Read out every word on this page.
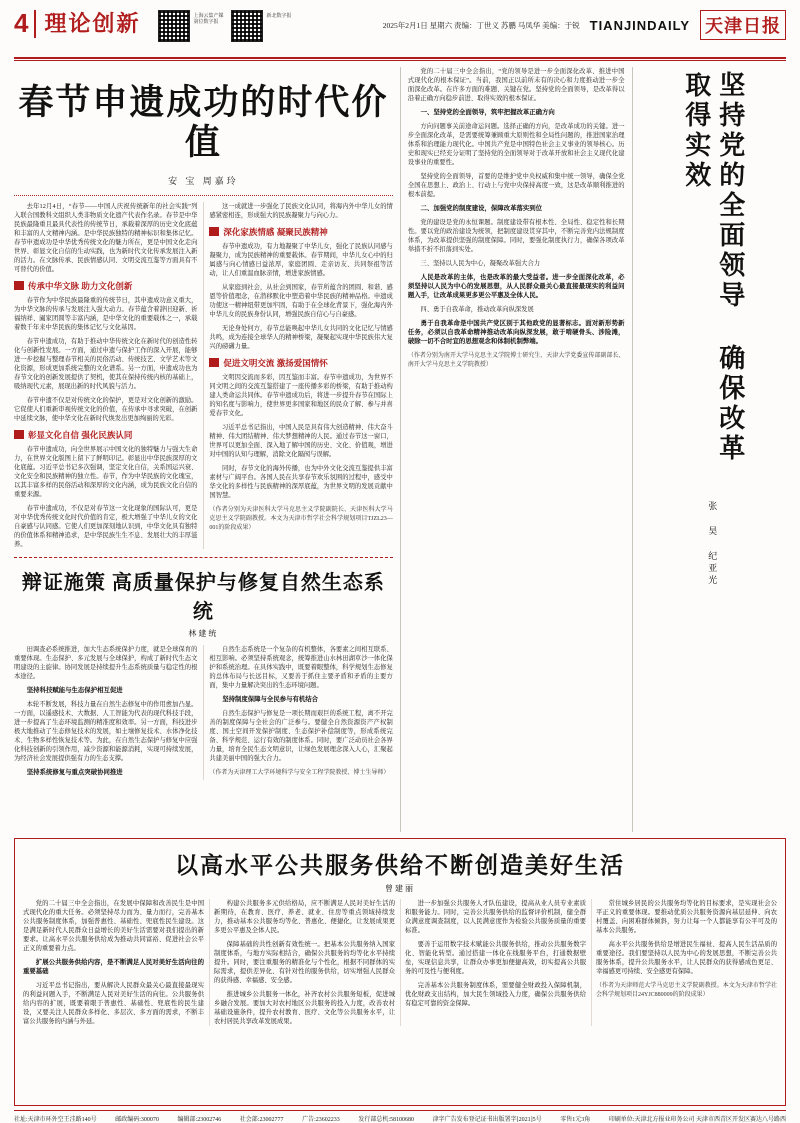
4 理论创新	上海云集产媒 第位数字报
新北数字报
2025年2月1日 星期六 责编：丁世义 苏鹏 马凤华 美编：于锐 TIANJINDAILY 天津日报
春节申遗成功的时代价值
安 宝 周嘉玲

去年12月4日，“春节——中国人庆祝传统新年的社会实践”列入联合国教科文组织人类非物质文化遗产代表作名录。春节是中华民族最隆重且最具代表性的传统节日，承载着深厚的历史文化底蕴和丰富的人文精神内涵。是中华民族独特的精神标识和集体记忆。春节申遗成功是中华优秀传统文化的魅力所在，更是中国文化走向世界、彰显文化自信的生动实践，也为新时代文化传承发展注入新的活力。在文脉传承、民族情感认同、文明交流互鉴等方面具有不可替代的价值。

传承中华文脉 助力文化创新

春节作为中华民族最隆重的传统节日，其申遗成功意义重大，为中华文脉的传承与发展注入强大动力。春节蕴含着辞旧迎新、祈福纳祥、阖家团圆等丰富内涵，是中华文化的重要载体之一，承载着数千年来中华民族的集体记忆与文化基因。

春节申遗成功，有助于推动中华传统文化在新时代的创造性转化与创新性发展。一方面，通过申遗与保护工作的深入开展，能够进一步挖掘与整理春节相关的民俗活动、传统技艺、文学艺术等文化资源，形成更加系统完整的文化谱系。另一方面，申遗成功也为春节文化的创新发展提供了契机，使其在保持传统内核的基础上，吸纳现代元素，展现出新的时代风貌与活力。

春节申遗不仅是对传统文化的保护，更是对文化创新的激励。它促使人们重新审视传统文化的价值，在传承中寻求突破，在创新中延续文脉，使中华文化在新时代焕发出更加绚丽的光彩。

彰显文化自信 强化民族认同

春节申遗成功，向全世界展示中国文化的独特魅力与强大生命力，在世界文化版图上留下了鲜明印记。彰显出中华民族深厚的文化底蕴。习近平总书记多次强调，坚定文化自信，关系国运兴衰、文化安全和民族精神的独立性。春节，作为中华民族的文化瑰宝，以其丰富多样的民俗活动和深厚的文化内涵，成为民族文化自信的重要来源。

春节申遗成功，不仅是对春节这一文化现象的国际认可，更是对中华优秀传统文化时代价值的肯定，极大增强了中华儿女的文化自豪感与认同感。它使人们更加深刻地认识到，中华文化具有独特的价值体系和精神追求，是中华民族生生不息、发展壮大的丰厚滋养。

这一成就进一步强化了民族文化认同，将海内外中华儿女的情感紧密相连，形成强大的民族凝聚力与向心力。

深化家族情感 凝聚民族精神

春节申遗成功，有力地凝聚了中华儿女，强化了民族认同感与凝聚力，成为民族精神的重要载体。春节期间，中华儿女心中的归属感与向心情感日益浓厚，家庭团圆、走亲访友、共同祭祖等活动，让人们重温血脉亲情，增进家族情感。

从家庭到社会，从社会到国家，春节所蕴含的团圆、和谐、感恩等价值理念，在潜移默化中塑造着中华民族的精神品格。申遗成功使这一精神纽带更加牢固，有助于在全球化背景下，强化海内外中华儿女的民族身份认同，增强民族自信心与自豪感。

无论身处何方，春节总能唤起中华儿女共同的文化记忆与情感共鸣，成为连接全球华人的精神桥梁，凝聚起实现中华民族伟大复兴的磅礴力量。

促进文明交流 激扬爱国情怀

文明因交流而多彩，因互鉴而丰富。春节申遗成功，为世界不同文明之间的交流互鉴搭建了一座传播多彩的桥梁，有助于推动构建人类命运共同体。春节申遗成功后，将进一步提升春节在国际上的知名度与影响力，使世界更多国家和地区的民众了解、参与并喜爱春节文化。

习近平总书记指出，中国人民是具有伟大创造精神、伟大奋斗精神、伟大团结精神、伟大梦想精神的人民。通过春节这一窗口，世界可以更加全面、深入地了解中国的历史、文化、价值观，增进对中国的认知与理解，消除文化隔阂与误解。

同时，春节文化的海外传播，也为中外文化交流互鉴提供丰富素材与广阔平台。各国人民在共享春节欢乐氛围的过程中，感受中华文化的多样性与民族精神的深厚底蕴，为世界文明的发展贡献中国智慧。

（作者分别为天津医科大学马克思主义学院副院长、天津医科大学马克思主义学院副教授。本文为天津市哲学社会科学规划项目TJZL23—001的阶段成果）
辩证施策 高质量保护与修复自然生态系统
林建统

田调查必系统推进，加大生态系统保护力度，就是全球保育的重要体现。生态保护、多元发展与全球保护，构成了新时代生态文明建设的主旋律。协同发展是持续提升生态系统质量与稳定性的根本途径。

坚持科技赋能与生态保护相互促进

本轮不断发展，科技力量在自然生态修复中的作用愈加凸显。一方面，以遥感技术、大数据、人工智能为代表的现代科技手段，进一步提高了生态环境监测的精准度和效率。另一方面，科技进步极大地推动了生态修复技术的发展，如土壤修复技术、水体净化技术、生物多样性恢复技术等。为此，在自然生态保护与修复中应强化科技创新的引领作用，减少资源和能源消耗，实现可持续发展，为经济社会发展提供强有力的生态支撑。

坚持系统修复与重点突破协同推进

自然生态系统是一个复杂的有机整体，各要素之间相互联系、相互影响。必须坚持系统观念，统筹推进山水林田湖草沙一体化保护和系统治理。在具体实践中，既要着眼整体，科学规划生态修复的总体布局与长远目标，又要善于抓住主要矛盾和矛盾的主要方面，集中力量解决突出的生态环境问题。

坚持制度保障与全民参与有机结合

自然生态保护与修复是一项长期而艰巨的系统工程，离不开完善的制度保障与全社会的广泛参与。要健全自然资源资产产权制度、国土空间开发保护制度、生态保护补偿制度等，形成系统完备、科学规范、运行有效的制度体系。同时，要广泛动员社会各界力量，培育全民生态文明意识，让绿色发展理念深入人心，汇聚起共建美丽中国的强大合力。

（作者为天津理工大学环境科学与安全工程学院教授、博士生导师）

党的二十届三中全会指出，“党的领导是进一步全面深化改革、推进中国式现代化的根本保证”。当前，我国正以前所未有的决心和力度推动进一步全面深化改革。在许多方面的难题、关键在党。坚持党的全面领导，是改革得以沿着正确方向稳步前进、取得实效的根本保证。

一、坚持党的全面领导，筑牢把握改革正确方向

方向问题事关前途命运问题。选择正确的方向，是改革成功的关键。进一步全面深化改革，是需要统筹兼顾重大原则性和全局性问题的，推进国家治理体系和治理能力现代化。中国共产党是中国特色社会主义事业的领导核心。历史和现实已经充分证明了坚持党的全面领导对于改革开放和社会主义现代化建设事业的重要性。

坚持党的全面领导，首要的是维护党中央权威和集中统一领导，确保全党全国在思想上、政治上、行动上与党中央保持高度一致，这是改革顺利推进的根本前提。

二、加强党的制度建设，保障改革落实到位

党的建设是党的永恒课题。制度建设带有根本性、全局性、稳定性和长期性。要以党的政治建设为统领，把制度建设贯穿其中，不断完善党内法规制度体系，为改革提供坚强的制度保障。同时，要强化制度执行力，确保各项改革举措不折不扣落到实处。

三、坚持以人民为中心，凝聚改革强大合力

人民是改革的主体，也是改革的最大受益者。进一步全面深化改革，必须坚持以人民为中心的发展思想，从人民群众最关心最直接最现实的利益问题入手，让改革成果更多更公平惠及全体人民。

四、勇于自我革命，推动改革向纵深发展

勇于自我革命是中国共产党区别于其他政党的显著标志。面对新形势新任务，必须以自我革命精神推动改革向纵深发展，敢于啃硬骨头、涉险滩，破除一切不合时宜的思想观念和体制机制弊端。

（作者分别为南开大学马克思主义学院博士研究生、天津大学党委宣传部副部长、南开大学马克思主义学院教授）	坚持党的全面领导 确保改革取得实效
张 昊 纪亚光
以高水平公共服务供给不断创造美好生活
曾建丽

党的二十届三中全会指出，在发展中保障和改善民生是中国式现代化的重大任务。必须坚持尽力而为、量力而行，完善基本公共服务制度体系，加强普惠性、基础性、兜底性民生建设。这是满足新时代人民群众日益增长的美好生活需要对我们提出的新要求。让高水平公共服务供给成为推动共同富裕、促进社会公平正义的重要着力点。

扩展公共服务供给内容，是不断满足人民对美好生活向往的重要基础

习近平总书记指出，要从解决人民群众最关心最直接最现实的利益问题入手，不断满足人民对美好生活的向往。公共服务供给内容的扩展，既要着眼于普惠性、基础性、兜底性的民生建设，又要关注人民群众多样化、多层次、多方面的需求，不断丰富公共服务的内涵与外延。

构建公共服务多元供给格局，应不断满足人民对美好生活的新期待，在教育、医疗、养老、就业、住房等重点领域持续发力，推动基本公共服务均等化、普惠化、便捷化，让发展成果更多更公平惠及全体人民。

保障基础的共性创新有效性统一。把基本公共服务纳入国家制度体系，与地方实际相结合，确保公共服务的均等化水平持续提升。同时，要注重服务的精准化与个性化，根据不同群体的实际需求，提供差异化、有针对性的服务供给，切实增强人民群众的获得感、幸福感、安全感。

推进城乡公共服务一体化，补齐农村公共服务短板，促进城乡融合发展。要加大对农村地区公共服务的投入力度，改善农村基础设施条件，提升农村教育、医疗、文化等公共服务水平，让农村居民共享改革发展成果。

进一步加强公共服务人才队伍建设，提高从业人员专业素质和服务能力。同时，完善公共服务供给的监督评价机制，健全群众满意度调查制度，以人民满意度作为检验公共服务质量的重要标准。

要善于运用数字技术赋能公共服务供给，推动公共服务数字化、智能化转型。通过搭建一体化在线服务平台，打通数据壁垒，实现信息共享，让群众办事更加便捷高效，切实提高公共服务的可及性与便利度。

完善基本公共服务制度体系，需要健全财政投入保障机制，优化财政支出结构，加大民生领域投入力度，确保公共服务供给有稳定可靠的资金保障。

常住城乡居民的公共服务均等化的目标要求，是实现社会公平正义的重要体现。要推动优质公共服务资源向基层延伸、向农村覆盖、向困难群体倾斜，努力让每一个人都能享有公平可及的基本公共服务。

高水平公共服务供给是增进民生福祉、提高人民生活品质的重要途径。我们要坚持以人民为中心的发展思想，不断完善公共服务体系，提升公共服务水平，让人民群众的获得感成色更足、幸福感更可持续、安全感更有保障。

（作者为天津师范大学马克思主义学院副教授。本文为天津市哲学社会科学规划项目24YJC880009的阶段成果）
社址:天津市环外空王洼路140号	邮政编码:300070	编辑部:23002746	社会部:23002777	广告:23602233	发行部总机:58100680	津字广告发布登记证书出版署字[2021]5号	零售1元3角	印刷单位:天津北方报业印务公司 天津市西青区开发区赛达八号路西
